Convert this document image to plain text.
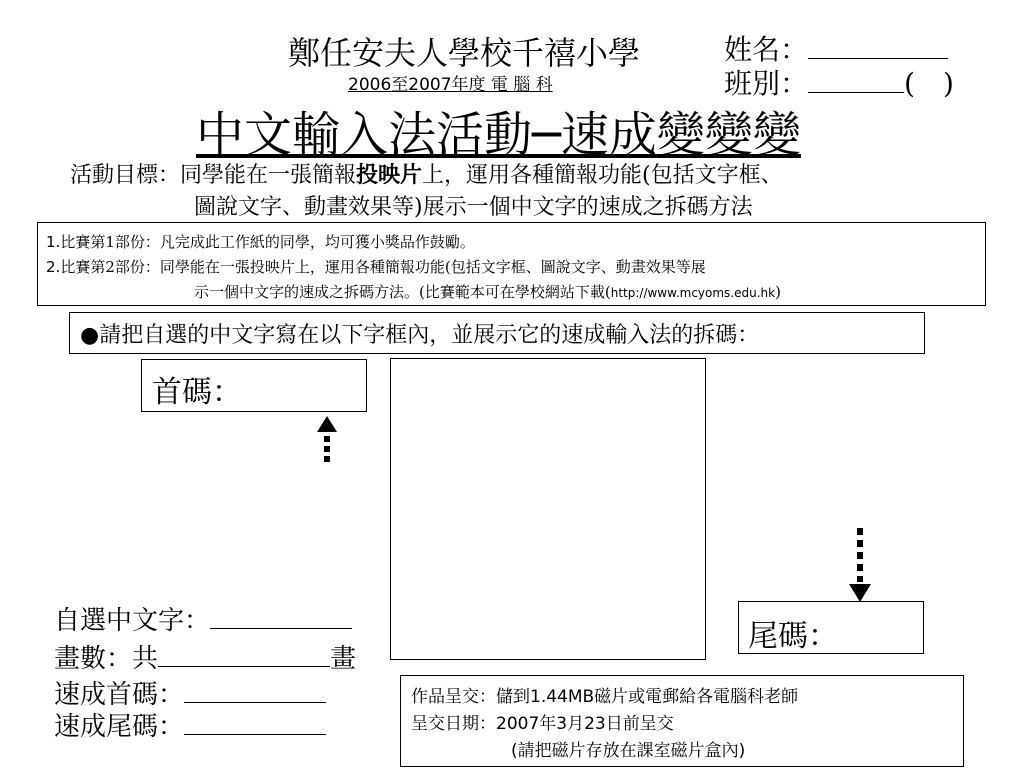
鄭任安夫人學校千禧小學
2006至2007年度 電 腦 科
姓名：
班別：	(　)
中文輸入法活動─速成變變變
活動目標：同學能在一張簡報投映片上，運用各種簡報功能(包括文字框、
圖說文字、動畫效果等)展示一個中文字的速成之拆碼方法
1.比賽第1部份：凡完成此工作紙的同學，均可獲小獎品作鼓勵。
2.比賽第2部份：同學能在一張投映片上，運用各種簡報功能(包括文字框、圖說文字、動畫效果等展
示一個中文字的速成之拆碼方法。(比賽範本可在學校網站下載(http://www.mcyoms.edu.hk)
●請把自選的中文字寫在以下字框內，並展示它的速成輸入法的拆碼：
首碼：
尾碼：
自選中文字：
畫數：共	畫
速成首碼：
速成尾碼：
作品呈交：儲到1.44MB磁片或電郵給各電腦科老師
呈交日期：2007年3月23日前呈交
(請把磁片存放在課室磁片盒內)
